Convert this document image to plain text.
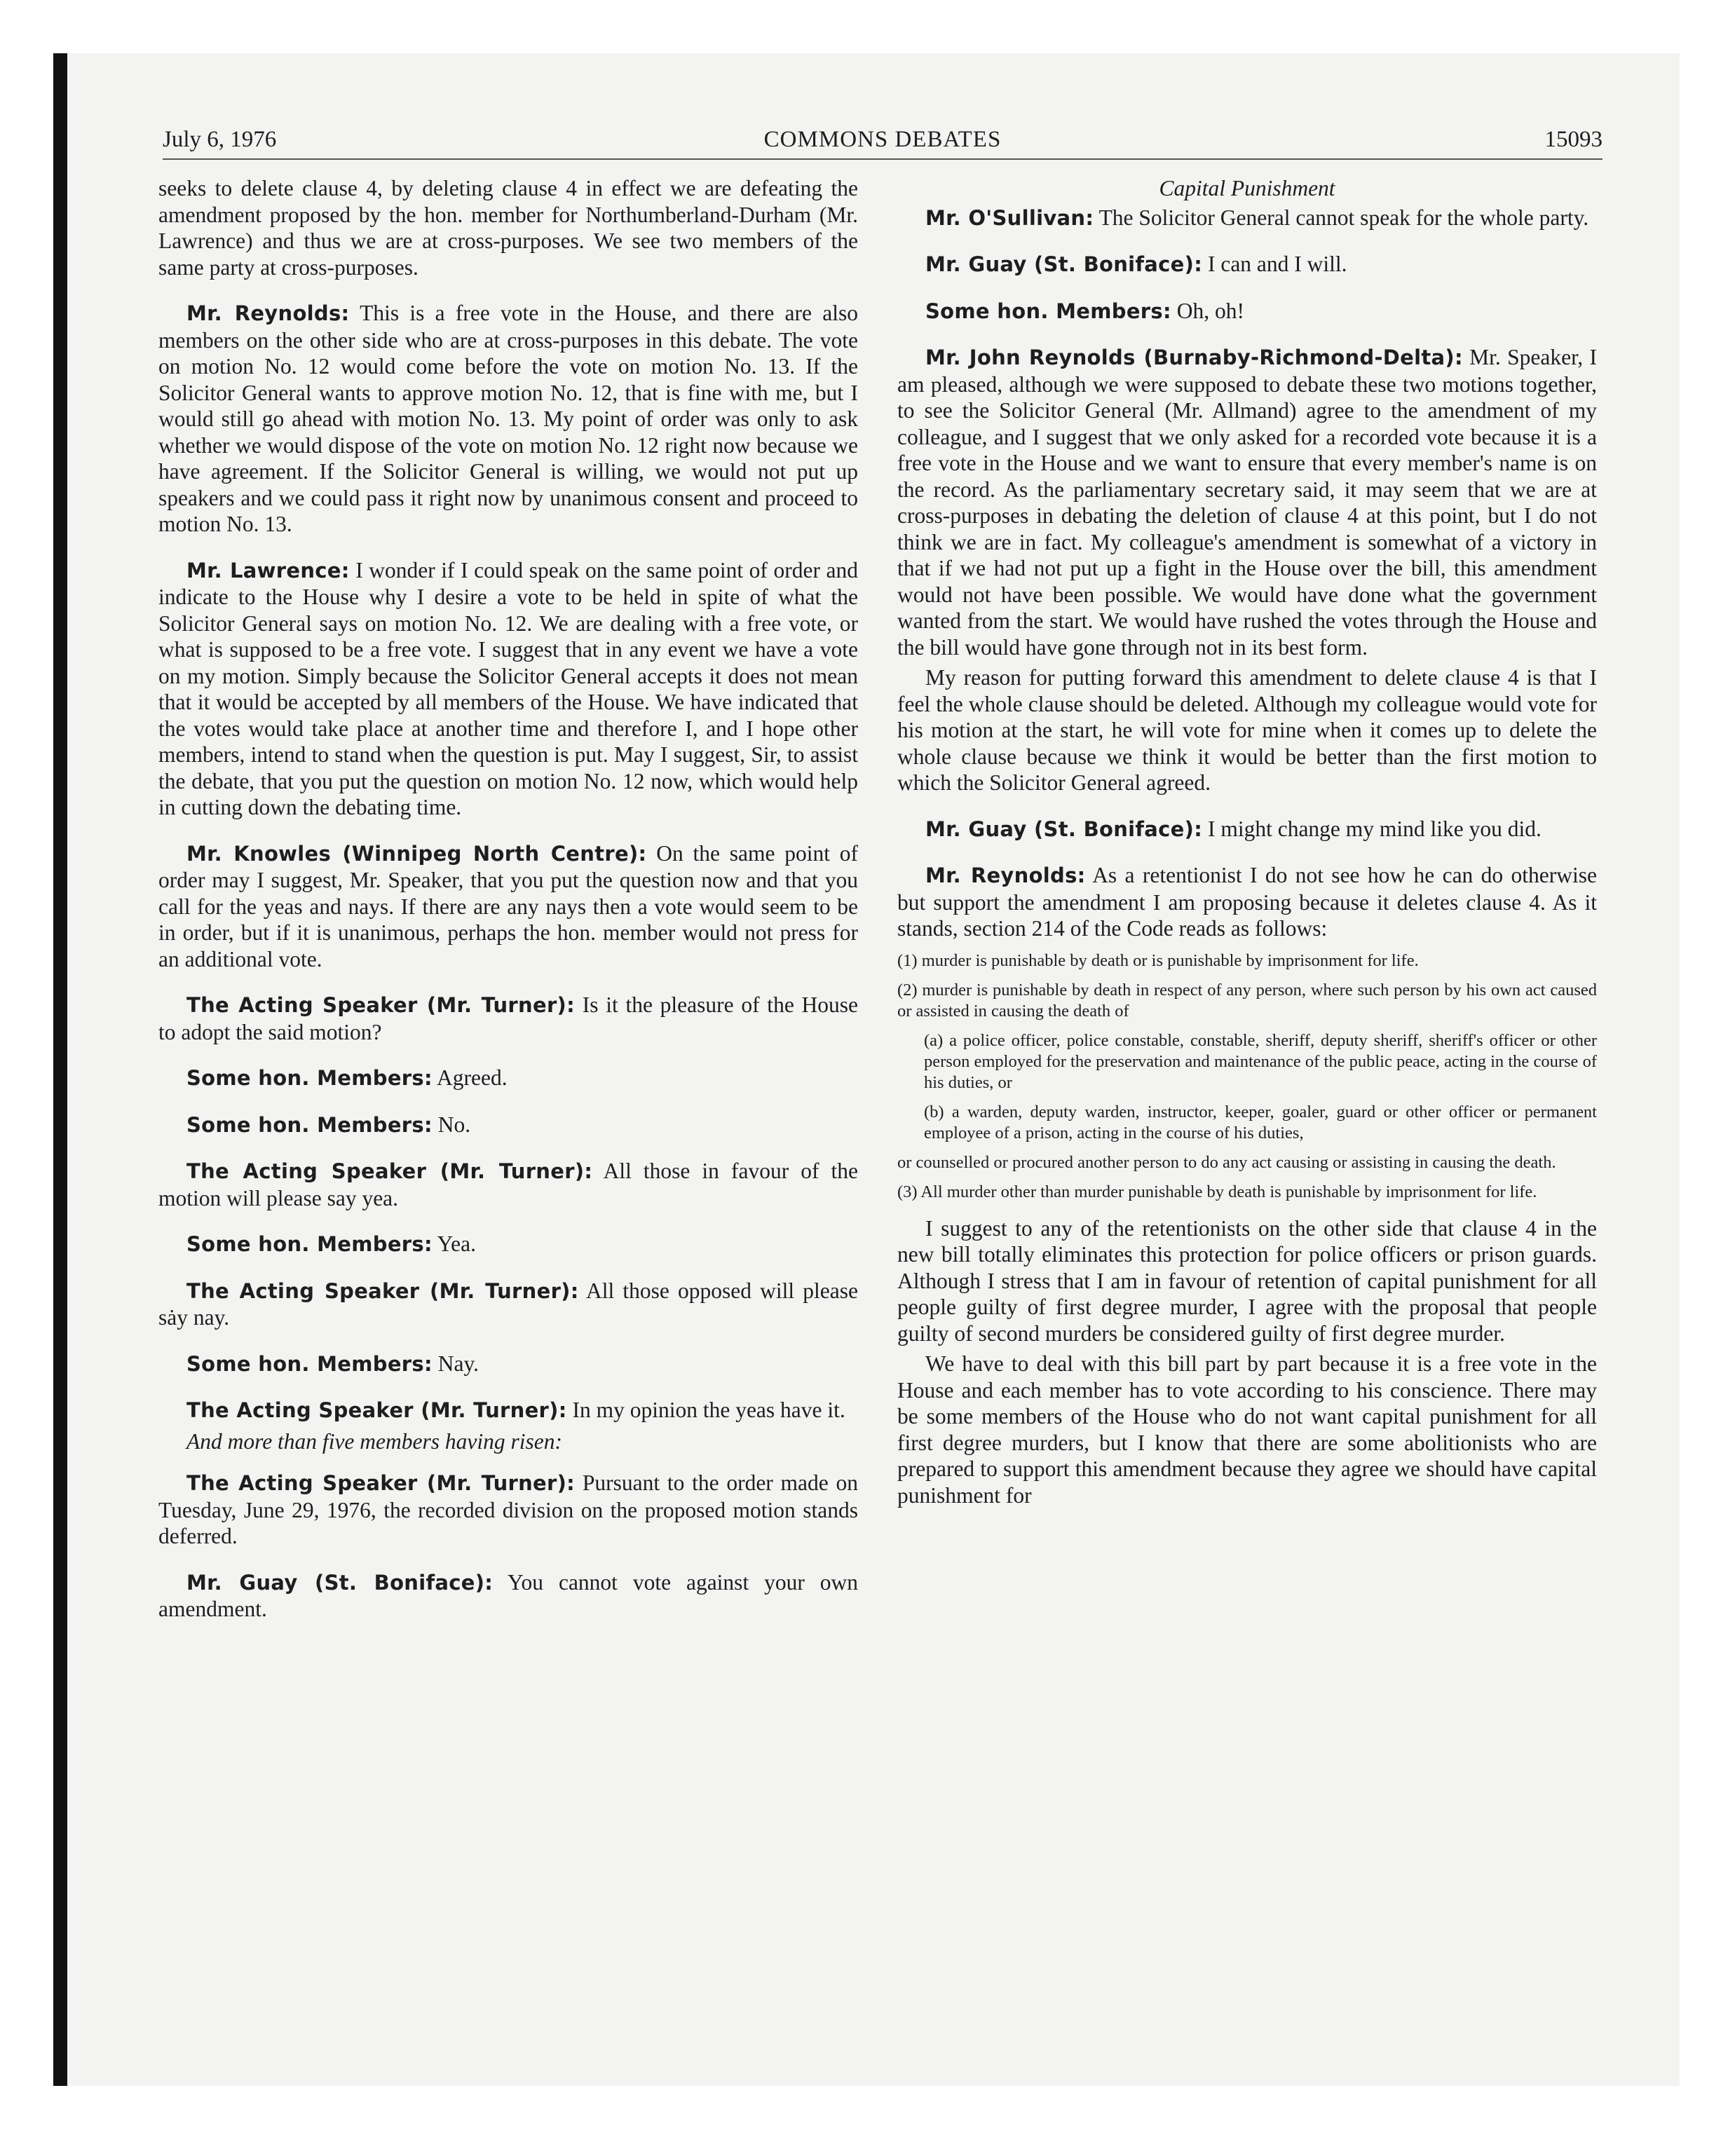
July 6, 1976	COMMONS DEBATES	15093

seeks to delete clause 4, by deleting clause 4 in effect we are defeating the amendment proposed by the hon. member for Northumberland-Durham (Mr. Lawrence) and thus we are at cross-purposes. We see two members of the same party at cross-purposes.

Mr. Reynolds: This is a free vote in the House, and there are also members on the other side who are at cross-purposes in this debate. The vote on motion No. 12 would come before the vote on motion No. 13. If the Solicitor General wants to approve motion No. 12, that is fine with me, but I would still go ahead with motion No. 13. My point of order was only to ask whether we would dispose of the vote on motion No. 12 right now because we have agreement. If the Solicitor General is willing, we would not put up speakers and we could pass it right now by unanimous consent and proceed to motion No. 13.

Mr. Lawrence: I wonder if I could speak on the same point of order and indicate to the House why I desire a vote to be held in spite of what the Solicitor General says on motion No. 12. We are dealing with a free vote, or what is supposed to be a free vote. I suggest that in any event we have a vote on my motion. Simply because the Solicitor General accepts it does not mean that it would be accepted by all members of the House. We have indicated that the votes would take place at another time and therefore I, and I hope other members, intend to stand when the question is put. May I suggest, Sir, to assist the debate, that you put the question on motion No. 12 now, which would help in cutting down the debating time.

Mr. Knowles (Winnipeg North Centre): On the same point of order may I suggest, Mr. Speaker, that you put the question now and that you call for the yeas and nays. If there are any nays then a vote would seem to be in order, but if it is unanimous, perhaps the hon. member would not press for an additional vote.

The Acting Speaker (Mr. Turner): Is it the pleasure of the House to adopt the said motion?

Some hon. Members: Agreed.

Some hon. Members: No.

The Acting Speaker (Mr. Turner): All those in favour of the motion will please say yea.

Some hon. Members: Yea.

The Acting Speaker (Mr. Turner): All those opposed will please sȧy nay.

Some hon. Members: Nay.

The Acting Speaker (Mr. Turner): In my opinion the yeas have it.

And more than five members having risen:

The Acting Speaker (Mr. Turner): Pursuant to the order made on Tuesday, June 29, 1976, the recorded division on the proposed motion stands deferred.

Mr. Guay (St. Boniface): You cannot vote against your own amendment.

Capital Punishment

Mr. O'Sullivan: The Solicitor General cannot speak for the whole party.

Mr. Guay (St. Boniface): I can and I will.

Some hon. Members: Oh, oh!

Mr. John Reynolds (Burnaby-Richmond-Delta): Mr. Speaker, I am pleased, although we were supposed to debate these two motions together, to see the Solicitor General (Mr. Allmand) agree to the amendment of my colleague, and I suggest that we only asked for a recorded vote because it is a free vote in the House and we want to ensure that every member's name is on the record. As the parliamentary secretary said, it may seem that we are at cross-purposes in debating the deletion of clause 4 at this point, but I do not think we are in fact. My colleague's amendment is somewhat of a victory in that if we had not put up a fight in the House over the bill, this amendment would not have been possible. We would have done what the government wanted from the start. We would have rushed the votes through the House and the bill would have gone through not in its best form.

My reason for putting forward this amendment to delete clause 4 is that I feel the whole clause should be deleted. Although my colleague would vote for his motion at the start, he will vote for mine when it comes up to delete the whole clause because we think it would be better than the first motion to which the Solicitor General agreed.

Mr. Guay (St. Boniface): I might change my mind like you did.

Mr. Reynolds: As a retentionist I do not see how he can do otherwise but support the amendment I am proposing because it deletes clause 4. As it stands, section 214 of the Code reads as follows:

(1) murder is punishable by death or is punishable by imprisonment for life.

(2) murder is punishable by death in respect of any person, where such person by his own act caused or assisted in causing the death of

(a) a police officer, police constable, constable, sheriff, deputy sheriff, sheriff's officer or other person employed for the preservation and maintenance of the public peace, acting in the course of his duties, or

(b) a warden, deputy warden, instructor, keeper, goaler, guard or other officer or permanent employee of a prison, acting in the course of his duties,

or counselled or procured another person to do any act causing or assisting in causing the death.

(3) All murder other than murder punishable by death is punishable by imprisonment for life.

I suggest to any of the retentionists on the other side that clause 4 in the new bill totally eliminates this protection for police officers or prison guards. Although I stress that I am in favour of retention of capital punishment for all people guilty of first degree murder, I agree with the proposal that people guilty of second murders be considered guilty of first degree murder.

We have to deal with this bill part by part because it is a free vote in the House and each member has to vote according to his conscience. There may be some members of the House who do not want capital punishment for all first degree murders, but I know that there are some abolitionists who are prepared to support this amendment because they agree we should have capital punishment for
